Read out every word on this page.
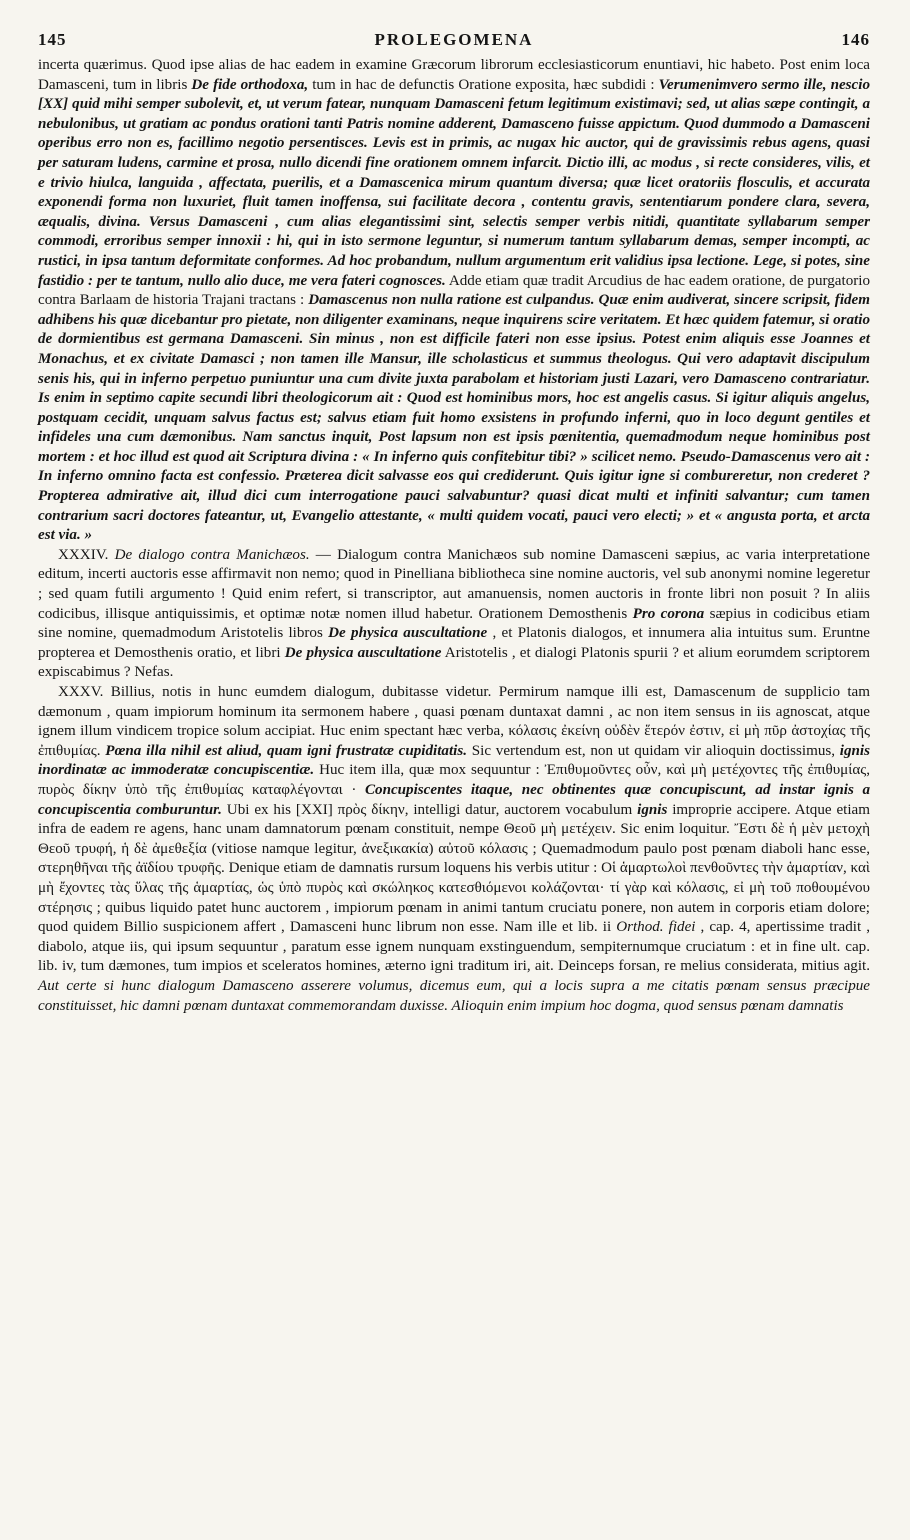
145	PROLEGOMENA	146

incerta quærimus. Quod ipse alias de hac eadem in examine Græcorum librorum ecclesiasticorum enuntiavi, hic habeto. Post enim loca Damasceni, tum in libris De fide orthodoxa, tum in hac de defunctis Oratione exposita, hæc subdidi : Verumenimvero sermo ille, nescio [XX] quid mihi semper subolevit, et, ut verum fatear, nunquam Damasceni fetum legitimum existimavi; sed, ut alias sæpe contingit, a nebulonibus, ut gratiam ac pondus orationi tanti Patris nomine adderent, Damasceno fuisse appictum. Quod dummodo a Damasceni operibus erro non es, facillimo negotio persentisces. Levis est in primis, ac nugax hic auctor, qui de gravissimis rebus agens, quasi per saturam ludens, carmine et prosa, nullo dicendi fine orationem omnem infarcit. Dictio illi, ac modus , si recte consideres, vilis, et e trivio hiulca, languida , affectata, puerilis, et a Damascenica mirum quantum diversa; quæ licet oratoriis flosculis, et accurata exponendi forma non luxuriet, fluit tamen inoffensa, sui facilitate decora , contentu gravis, sententiarum pondere clara, severa, æqualis, divina. Versus Damasceni , cum alias elegantissimi sint, selectis semper verbis nitidi, quantitate syllabarum semper commodi, erroribus semper innoxii : hi, qui in isto sermone leguntur, si numerum tantum syllabarum demas, semper incompti, ac rustici, in ipsa tantum deformitate conformes. Ad hoc probandum, nullum argumentum erit validius ipsa lectione. Lege, si potes, sine fastidio : per te tantum, nullo alio duce, me vera fateri cognosces. Adde etiam quæ tradit Arcudius de hac eadem oratione, de purgatorio contra Barlaam de historia Trajani tractans : Damascenus non nulla ratione est culpandus. Quæ enim audiverat, sincere scripsit, fidem adhibens his quæ dicebantur pro pietate, non diligenter examinans, neque inquirens scire veritatem. Et hæc quidem fatemur, si oratio de dormientibus est germana Damasceni. Sin minus , non est difficile fateri non esse ipsius. Potest enim aliquis esse Joannes et Monachus, et ex civitate Damasci ; non tamen ille Mansur, ille scholasticus et summus theologus. Qui vero adaptavit discipulum senis his, qui in inferno perpetuo puniuntur una cum divite juxta parabolam et historiam justi Lazari, vero Damasceno contrariatur. Is enim in septimo capite secundi libri theologicorum ait : Quod est hominibus mors, hoc est angelis casus. Si igitur aliquis angelus, postquam cecidit, unquam salvus factus est; salvus etiam fuit homo exsistens in profundo inferni, quo in loco degunt gentiles et infideles una cum dæmonibus. Nam sanctus inquit, Post lapsum non est ipsis pœnitentia, quemadmodum neque hominibus post mortem : et hoc illud est quod ait Scriptura divina : « In inferno quis confitebitur tibi? » scilicet nemo. Pseudo-Damascenus vero ait : In inferno omnino facta est confessio. Præterea dicit salvasse eos qui crediderunt. Quis igitur igne si combureretur, non crederet ? Propterea admirative ait, illud dici cum interrogatione pauci salvabuntur? quasi dicat multi et infiniti salvantur; cum tamen contrarium sacri doctores fateantur, ut, Evangelio attestante, « multi quidem vocati, pauci vero electi; » et « angusta porta, et arcta est via. »

XXXIV. De dialogo contra Manichæos. — Dialogum contra Manichæos sub nomine Damasceni sæpius, ac varia interpretatione editum, incerti auctoris esse affirmavit non nemo; quod in Pinelliana bibliotheca sine nomine auctoris, vel sub anonymi nomine legeretur ; sed quam futili argumento ! Quid enim refert, si transcriptor, aut amanuensis, nomen auctoris in fronte libri non posuit ? In aliis codicibus, illisque antiquissimis, et optimæ notæ nomen illud habetur. Orationem Demosthenis Pro corona sæpius in codicibus etiam sine nomine, quemadmodum Aristotelis libros De physica auscultatione , et Platonis dialogos, et innumera alia intuitus sum. Eruntne propterea et Demosthenis oratio, et libri De physica auscultatione Aristotelis , et dialogi Platonis spurii ? et alium eorumdem scriptorem expiscabimus ? Nefas.

XXXV. Billius, notis in hunc eumdem dialogum, dubitasse videtur. Permirum namque illi est, Damascenum de supplicio tam dæmonum , quam impiorum hominum ita sermonem habere , quasi pœnam duntaxat damni , ac non item sensus in iis agnoscat, atque ignem illum vindicem tropice solum accipiat. Huc enim spectant hæc verba, κόλασις ἐκείνη οὐδὲν ἕτερόν ἐστιν, εἰ μὴ πῦρ ἀστοχίας τῆς ἐπιθυμίας. Pœna illa nihil est aliud, quam igni frustratæ cupiditatis. Sic vertendum est, non ut quidam vir alioquin doctissimus, ignis inordinatæ ac immoderatæ concupiscentiæ. Huc item illa, quæ mox sequuntur : Ἐπιθυμοῦντες οὖν, καὶ μὴ μετέχοντες τῆς ἐπιθυμίας, πυρὸς δίκην ὑπὸ τῆς ἐπιθυμίας καταφλέγονται · Concupiscentes itaque, nec obtinentes quæ concupiscunt, ad instar ignis a concupiscentia comburuntur. Ubi ex his [XXI] πρὸς δίκην, intelligi datur, auctorem vocabulum ignis improprie accipere. Atque etiam infra de eadem re agens, hanc unam damnatorum pœnam constituit, nempe Θεοῦ μὴ μετέχειν. Sic enim loquitur. Ἔστι δὲ ἡ μὲν μετοχὴ Θεοῦ τρυφή, ἡ δὲ ἀμεθεξία (vitiose namque legitur, ἀνεξικακία) αὐτοῦ κόλασις ; Quemadmodum paulo post pœnam diaboli hanc esse, στερηθῆναι τῆς ἀϊδίου τρυφῆς. Denique etiam de damnatis rursum loquens his verbis utitur : Οἱ ἁμαρτωλοὶ πενθοῦντες τὴν ἁμαρτίαν, καὶ μὴ ἔχοντες τὰς ὕλας τῆς ἁμαρτίας, ὡς ὑπὸ πυρὸς καὶ σκώληκος κατεσθιόμενοι κολάζονται· τί γὰρ καὶ κόλασις, εἰ μὴ τοῦ ποθουμένου στέρησις ; quibus liquido patet hunc auctorem , impiorum pœnam in animi tantum cruciatu ponere, non autem in corporis etiam dolore; quod quidem Billio suspicionem affert , Damasceni hunc librum non esse. Nam ille et lib. ii Orthod. fidei , cap. 4, apertissime tradit , diabolo, atque iis, qui ipsum sequuntur , paratum esse ignem nunquam exstinguendum, sempiternumque cruciatum : et in fine ult. cap. lib. iv, tum dæmones, tum impios et sceleratos homines, æterno igni traditum iri, ait. Deinceps forsan, re melius considerata, mitius agit. Aut certe si hunc dialogum Damasceno asserere volumus, dicemus eum, qui a locis supra a me citatis pœnam sensus præcipue constituisset, hic damni pœnam duntaxat commemorandam duxisse. Alioquin enim impium hoc dogma, quod sensus pœnam damnatis
